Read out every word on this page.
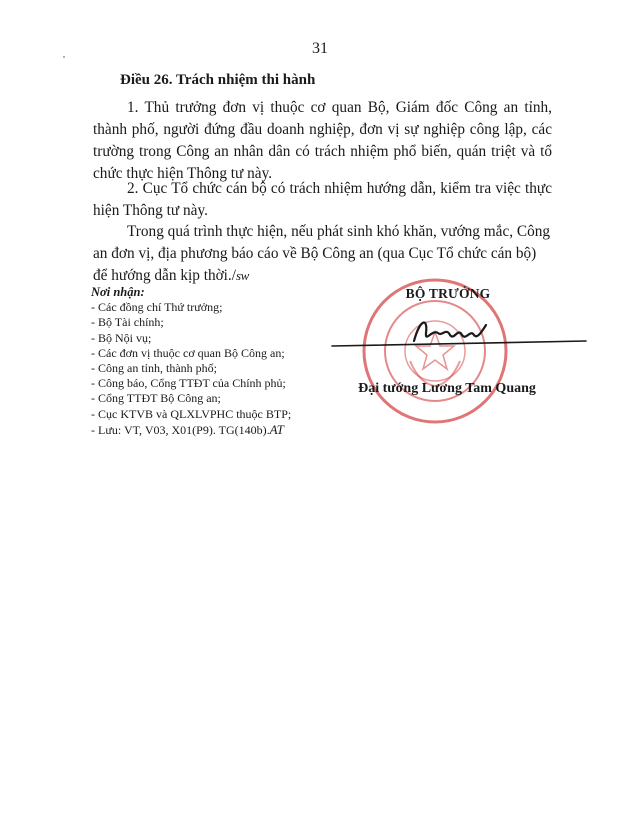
31
Điều 26. Trách nhiệm thi hành
1. Thủ trưởng đơn vị thuộc cơ quan Bộ, Giám đốc Công an tỉnh, thành phố, người đứng đầu doanh nghiệp, đơn vị sự nghiệp công lập, các trường trong Công an nhân dân có trách nhiệm phổ biến, quán triệt và tổ chức thực hiện Thông tư này.
2. Cục Tổ chức cán bộ có trách nhiệm hướng dẫn, kiểm tra việc thực hiện Thông tư này.
Trong quá trình thực hiện, nếu phát sinh khó khăn, vướng mắc, Công an đơn vị, địa phương báo cáo về Bộ Công an (qua Cục Tổ chức cán bộ) để hướng dẫn kịp thời./sw
Nơi nhận:
- Các đồng chí Thứ trưởng;
- Bộ Tài chính;
- Bộ Nội vụ;
- Các đơn vị thuộc cơ quan Bộ Công an;
- Công an tỉnh, thành phố;
- Công báo, Cổng TTĐT của Chính phủ;
- Cổng TTĐT Bộ Công an;
- Cục KTVB và QLXLVPHC thuộc BTP;
- Lưu: VT, V03, X01(P9). TG(140b).AT
BỘ TRƯỞNG
Đại tướng Lương Tam Quang
